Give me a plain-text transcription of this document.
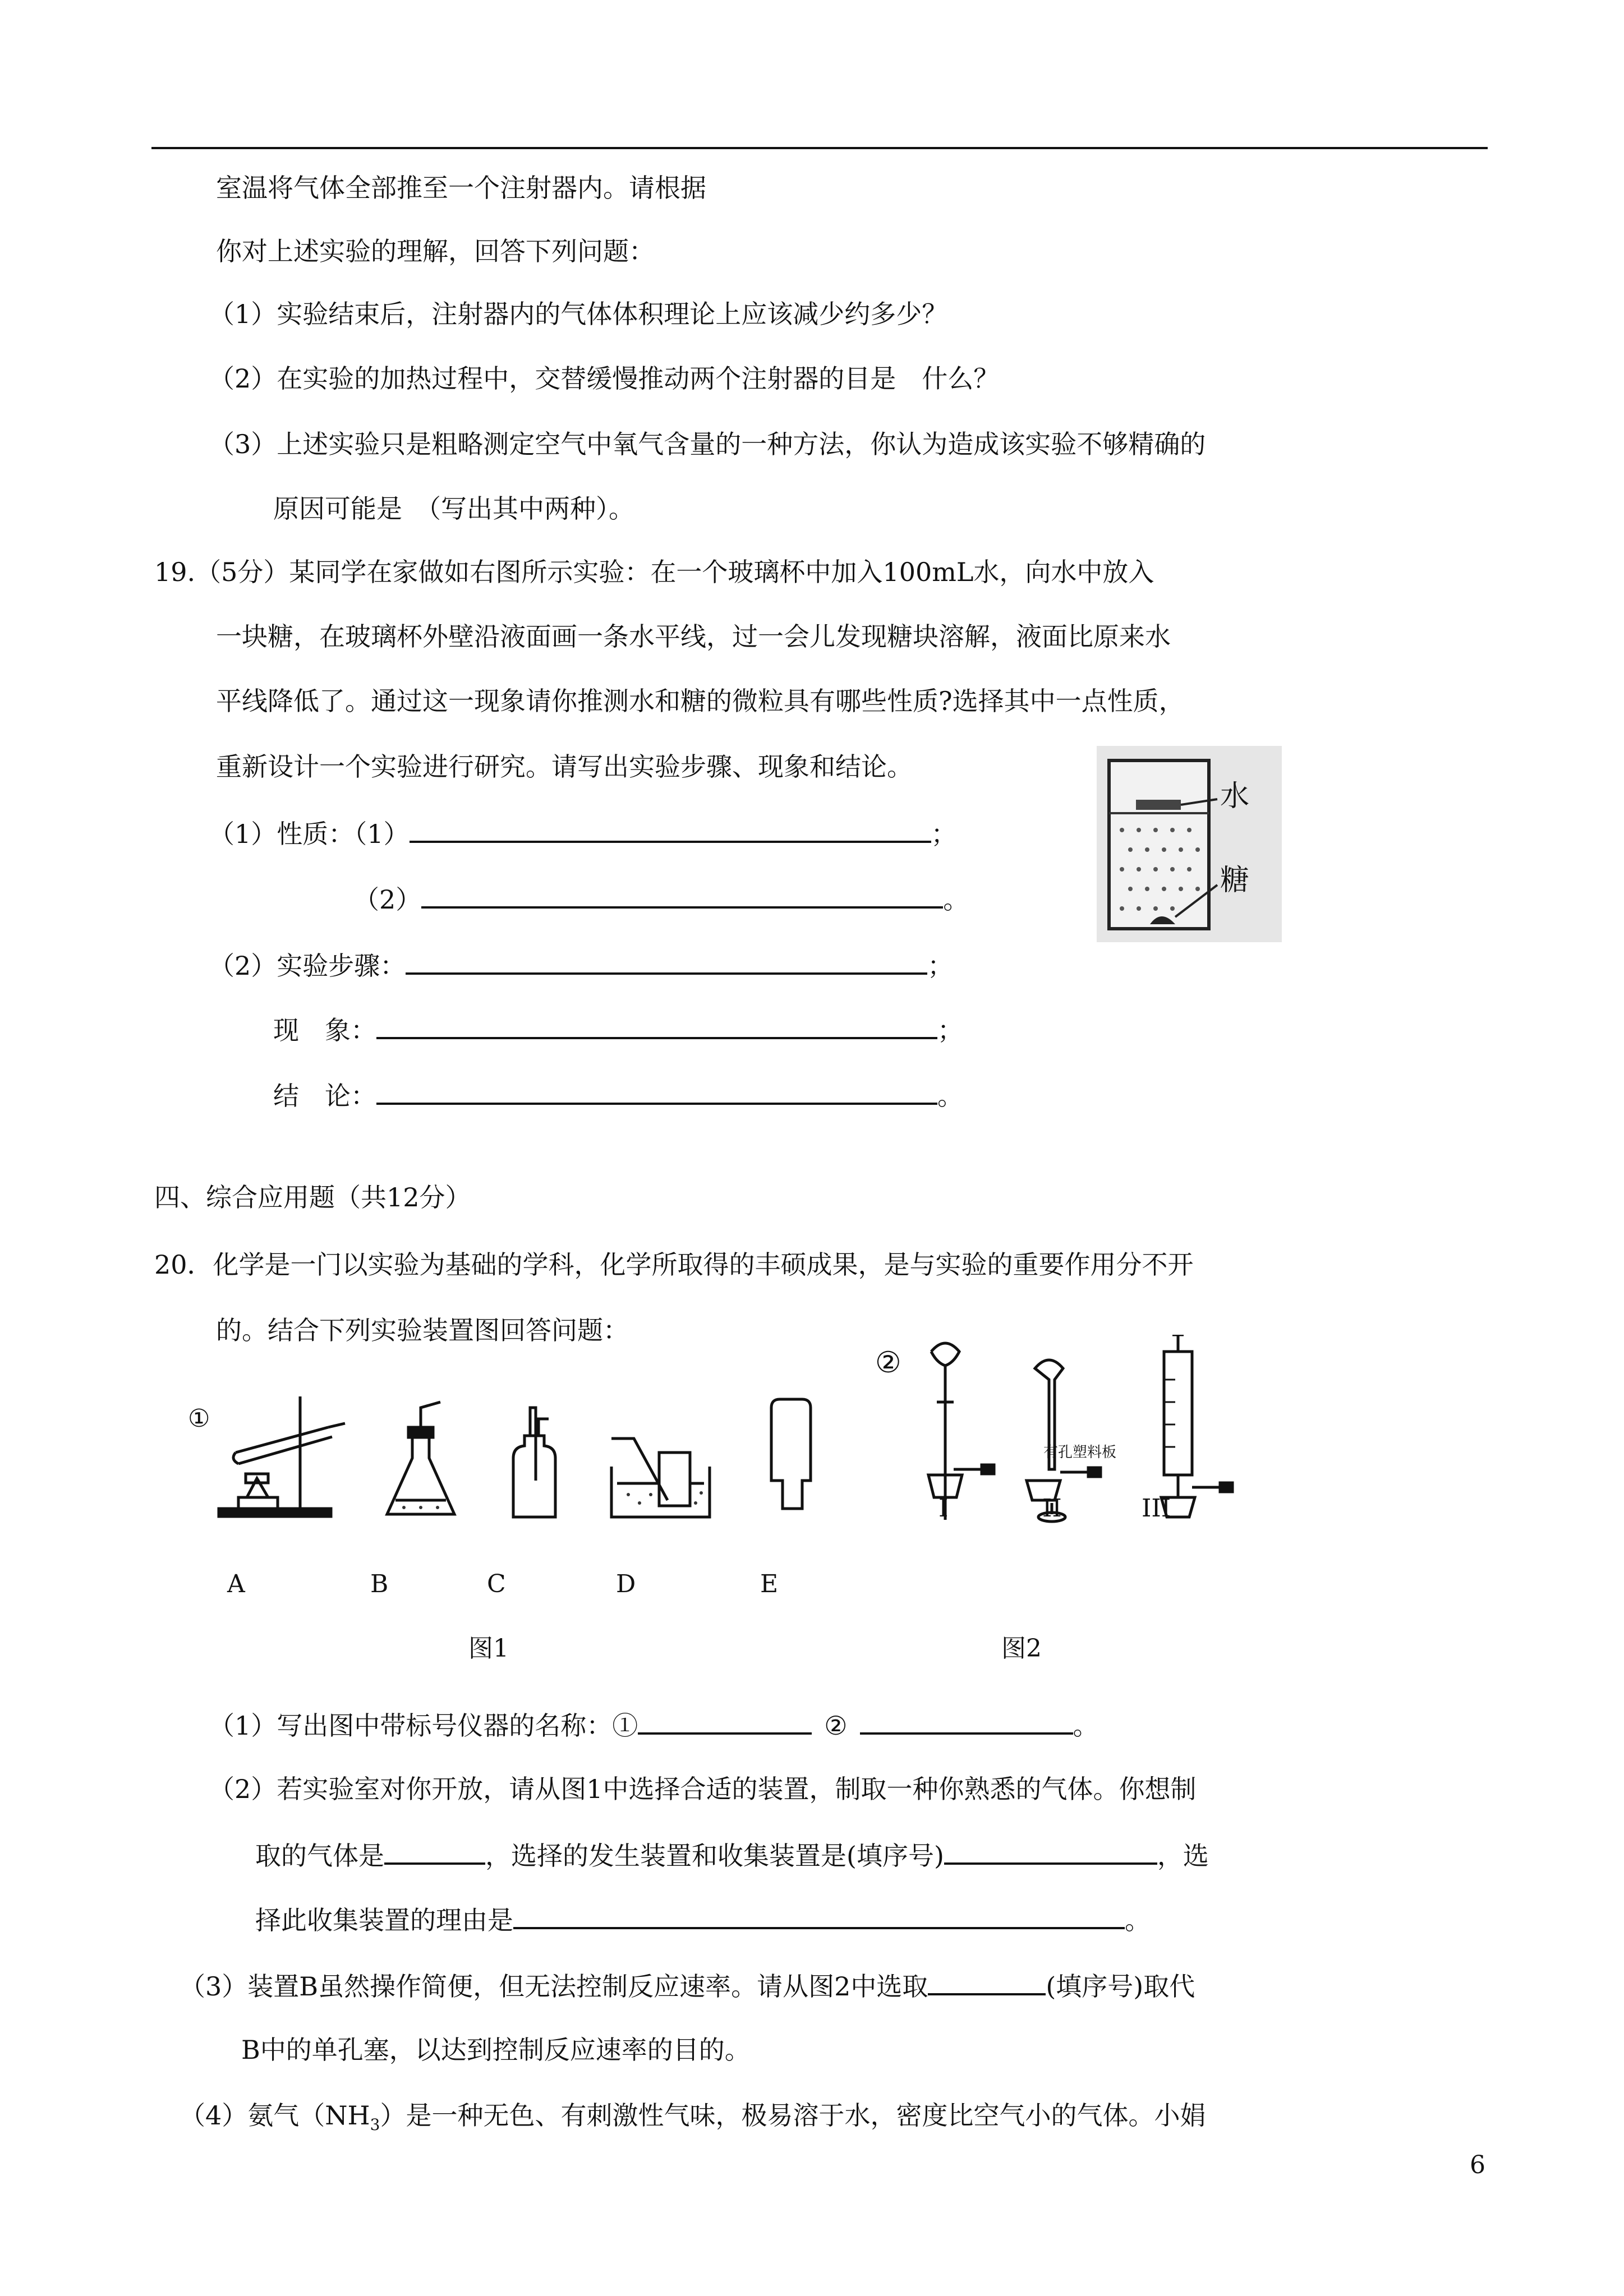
室温将气体全部推至一个注射器内。请根据
你对上述实验的理解，回答下列问题：
（1）实验结束后，注射器内的气体体积理论上应该减少约多少？
（2）在实验的加热过程中，交替缓慢推动两个注射器的目是　什么？
（3）上述实验只是粗略测定空气中氧气含量的一种方法，你认为造成该实验不够精确的
原因可能是　（写出其中两种）。
19.（5分）某同学在家做如右图所示实验：在一个玻璃杯中加入100mL水，向水中放入
一块糖，在玻璃杯外壁沿液面画一条水平线，过一会儿发现糖块溶解，液面比原来水
平线降低了。通过这一现象请你推测水和糖的微粒具有哪些性质?选择其中一点性质，
重新设计一个实验进行研究。请写出实验步骤、现象和结论。
（1）性质：（1）	；
（2）	。
（2）实验步骤：	；
现　象：	；
结　论：	。
水
糖
四、综合应用题（共12分）
20．化学是一门以实验为基础的学科，化学所取得的丰硕成果，是与实验的重要作用分不开
的。结合下列实验装置图回答问题：
①
A	B	C	D	E
图1
②
有孔塑料板
I	II	III
图2
（1）写出图中带标号仪器的名称：①	②	。
（2）若实验室对你开放，请从图1中选择合适的装置，制取一种你熟悉的气体。你想制
取的气体是	，选择的发生装置和收集装置是(填序号)	，选
择此收集装置的理由是	。
（3）装置B虽然操作简便，但无法控制反应速率。请从图2中选取	(填序号)取代
B中的单孔塞，以达到控制反应速率的目的。
（4）氨气$(NH_3)$是一种无色、有刺激性气味，极易溶于水，密度比空气小的气体。小娟
6
